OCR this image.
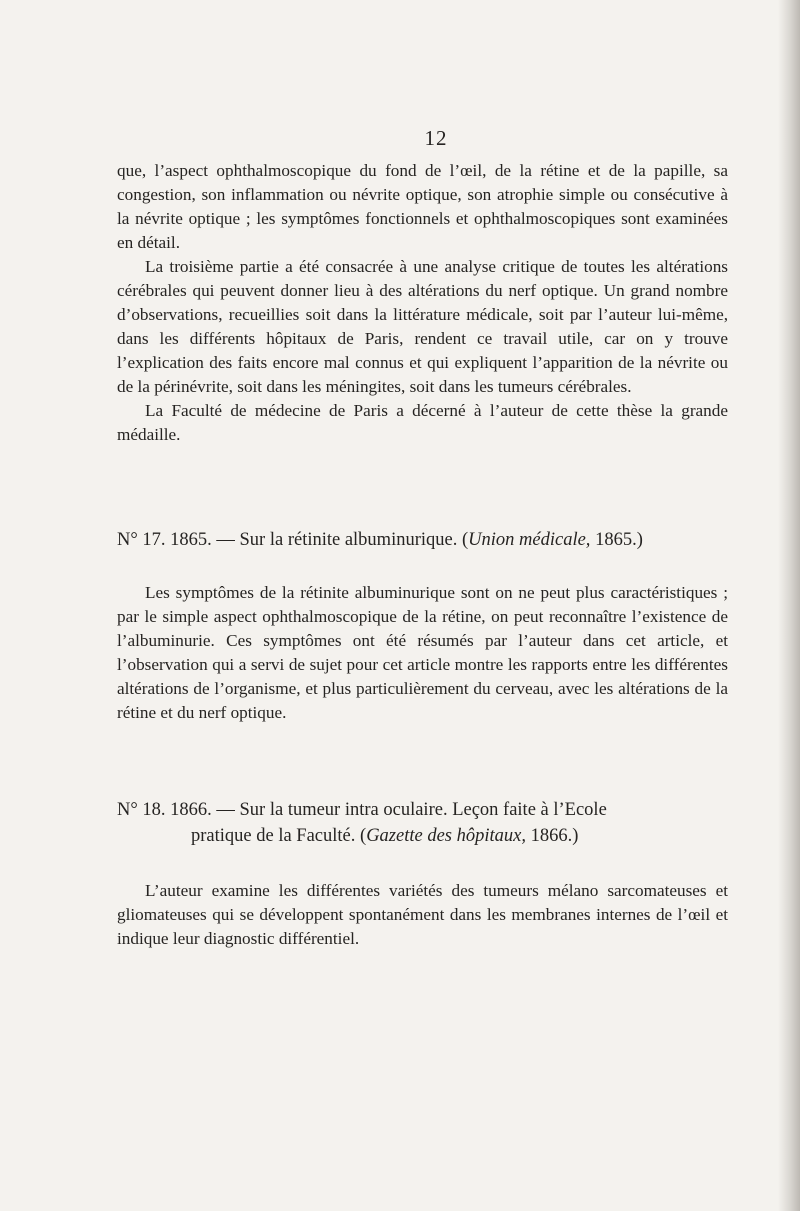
12

que, l’aspect ophthalmoscopique du fond de l’œil, de la rétine et de la papille, sa congestion, son inflammation ou névrite optique, son atrophie simple ou consécutive à la névrite optique ; les symptômes fonctionnels et ophthalmoscopiques sont examinées en détail.

La troisième partie a été consacrée à une analyse critique de toutes les altérations cérébrales qui peuvent donner lieu à des altérations du nerf optique. Un grand nombre d’observations, recueillies soit dans la littérature médicale, soit par l’auteur lui-même, dans les différents hôpitaux de Paris, rendent ce travail utile, car on y trouve l’explication des faits encore mal connus et qui expliquent l’apparition de la névrite ou de la périnévrite, soit dans les méningites, soit dans les tumeurs cérébrales.

La Faculté de médecine de Paris a décerné à l’auteur de cette thèse la grande médaille.

N° 17. 1865. — Sur la rétinite albuminurique. (Union médicale, 1865.)

Les symptômes de la rétinite albuminurique sont on ne peut plus caractéristiques ; par le simple aspect ophthalmoscopique de la rétine, on peut reconnaître l’existence de l’albuminurie. Ces symptômes ont été résumés par l’auteur dans cet article, et l’observation qui a servi de sujet pour cet article montre les rapports entre les différentes altérations de l’organisme, et plus particulièrement du cerveau, avec les altérations de la rétine et du nerf optique.

N° 18. 1866. — Sur la tumeur intra oculaire. Leçon faite à l’Ecole
pratique de la Faculté. (Gazette des hôpitaux, 1866.)

L’auteur examine les différentes variétés des tumeurs mélano sarcomateuses et gliomateuses qui se développent spontanément dans les membranes internes de l’œil et indique leur diagnostic différentiel.
